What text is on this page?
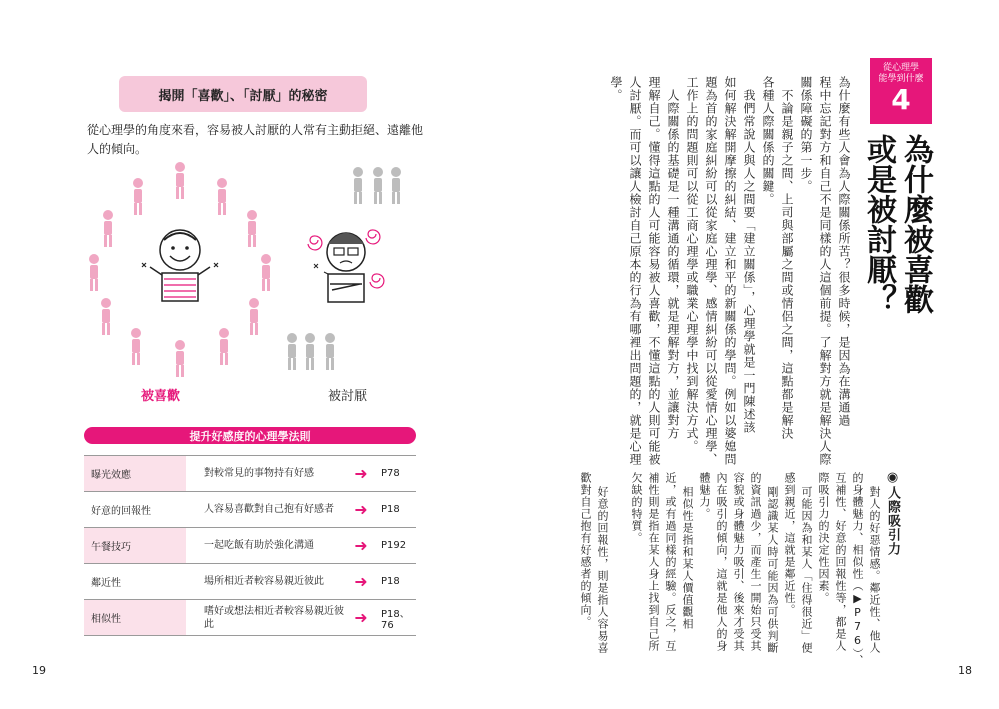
揭開「喜歡」、「討厭」的秘密
從心理學的角度來看，容易被人討厭的人常有主動拒絕、遠離他人的傾向。
被喜歡	被討厭
提升好感度的心理學法則
曝光效應	對較常見的事物持有好感	➜	P78
好意的回報性	人容易喜歡對自己抱有好感者	➜	P18
午餐技巧	一起吃飯有助於強化溝通	➜	P192
鄰近性	場所相近者較容易親近彼此	➜	P18
相似性	嗜好或想法相近者較容易親近彼此	➜	P18、76
19
從心理學
能學到什麼
4
為什麼被喜歡
或是被討厭？
為什麼有些人會為人際關係所苦？很多時候，是因為在溝通過
程中忘記對方和自己不是同樣的人這個前提。了解對方就是解決人際
關係障礙的第一步。
不論是親子之間、上司與部屬之間或情侶之間，這點都是解決
各種人際關係的關鍵。
我們常說人與人之間要「建立關係」，心理學就是一門陳述該
如何解決解開摩擦的糾結、建立和平的新關係的學問。例如以婆媳問
題為首的家庭糾紛可以從家庭心理學、感情糾紛可以從愛情心理學、
工作上的問題則可以從工商心理學或職業心理學中找到解決方式。
人際關係的基礎是一種溝通的循環，就是理解對方，並讓對方
理解自己。懂得這點的人可能容易被人喜歡，不懂這點的人則可能被
人討厭。而可以讓人檢討自己原本的行為有哪裡出問題的，就是心理
學。
◉人際吸引力
對人的好惡情感。鄰近性、他人
的身體魅力、相似性（▶P76）、
互補性、好意的回報性等，都是人
際吸引力的決定性因素。
可能因為和某人「住得很近」便
感到親近，這就是鄰近性。
剛認識某人時可能因為可供判斷
的資訊過少，而產生一開始只受其
容貌或身體魅力吸引、後來才受其
內在吸引的傾向，這就是他人的身
體魅力。
相似性是指和某人價值觀相
近，或有過同樣的經驗。反之，互
補性則是指在某人身上找到自己所
欠缺的特質。
好意的回報性，則是指人容易喜
歡對自己抱有好感者的傾向。
18
